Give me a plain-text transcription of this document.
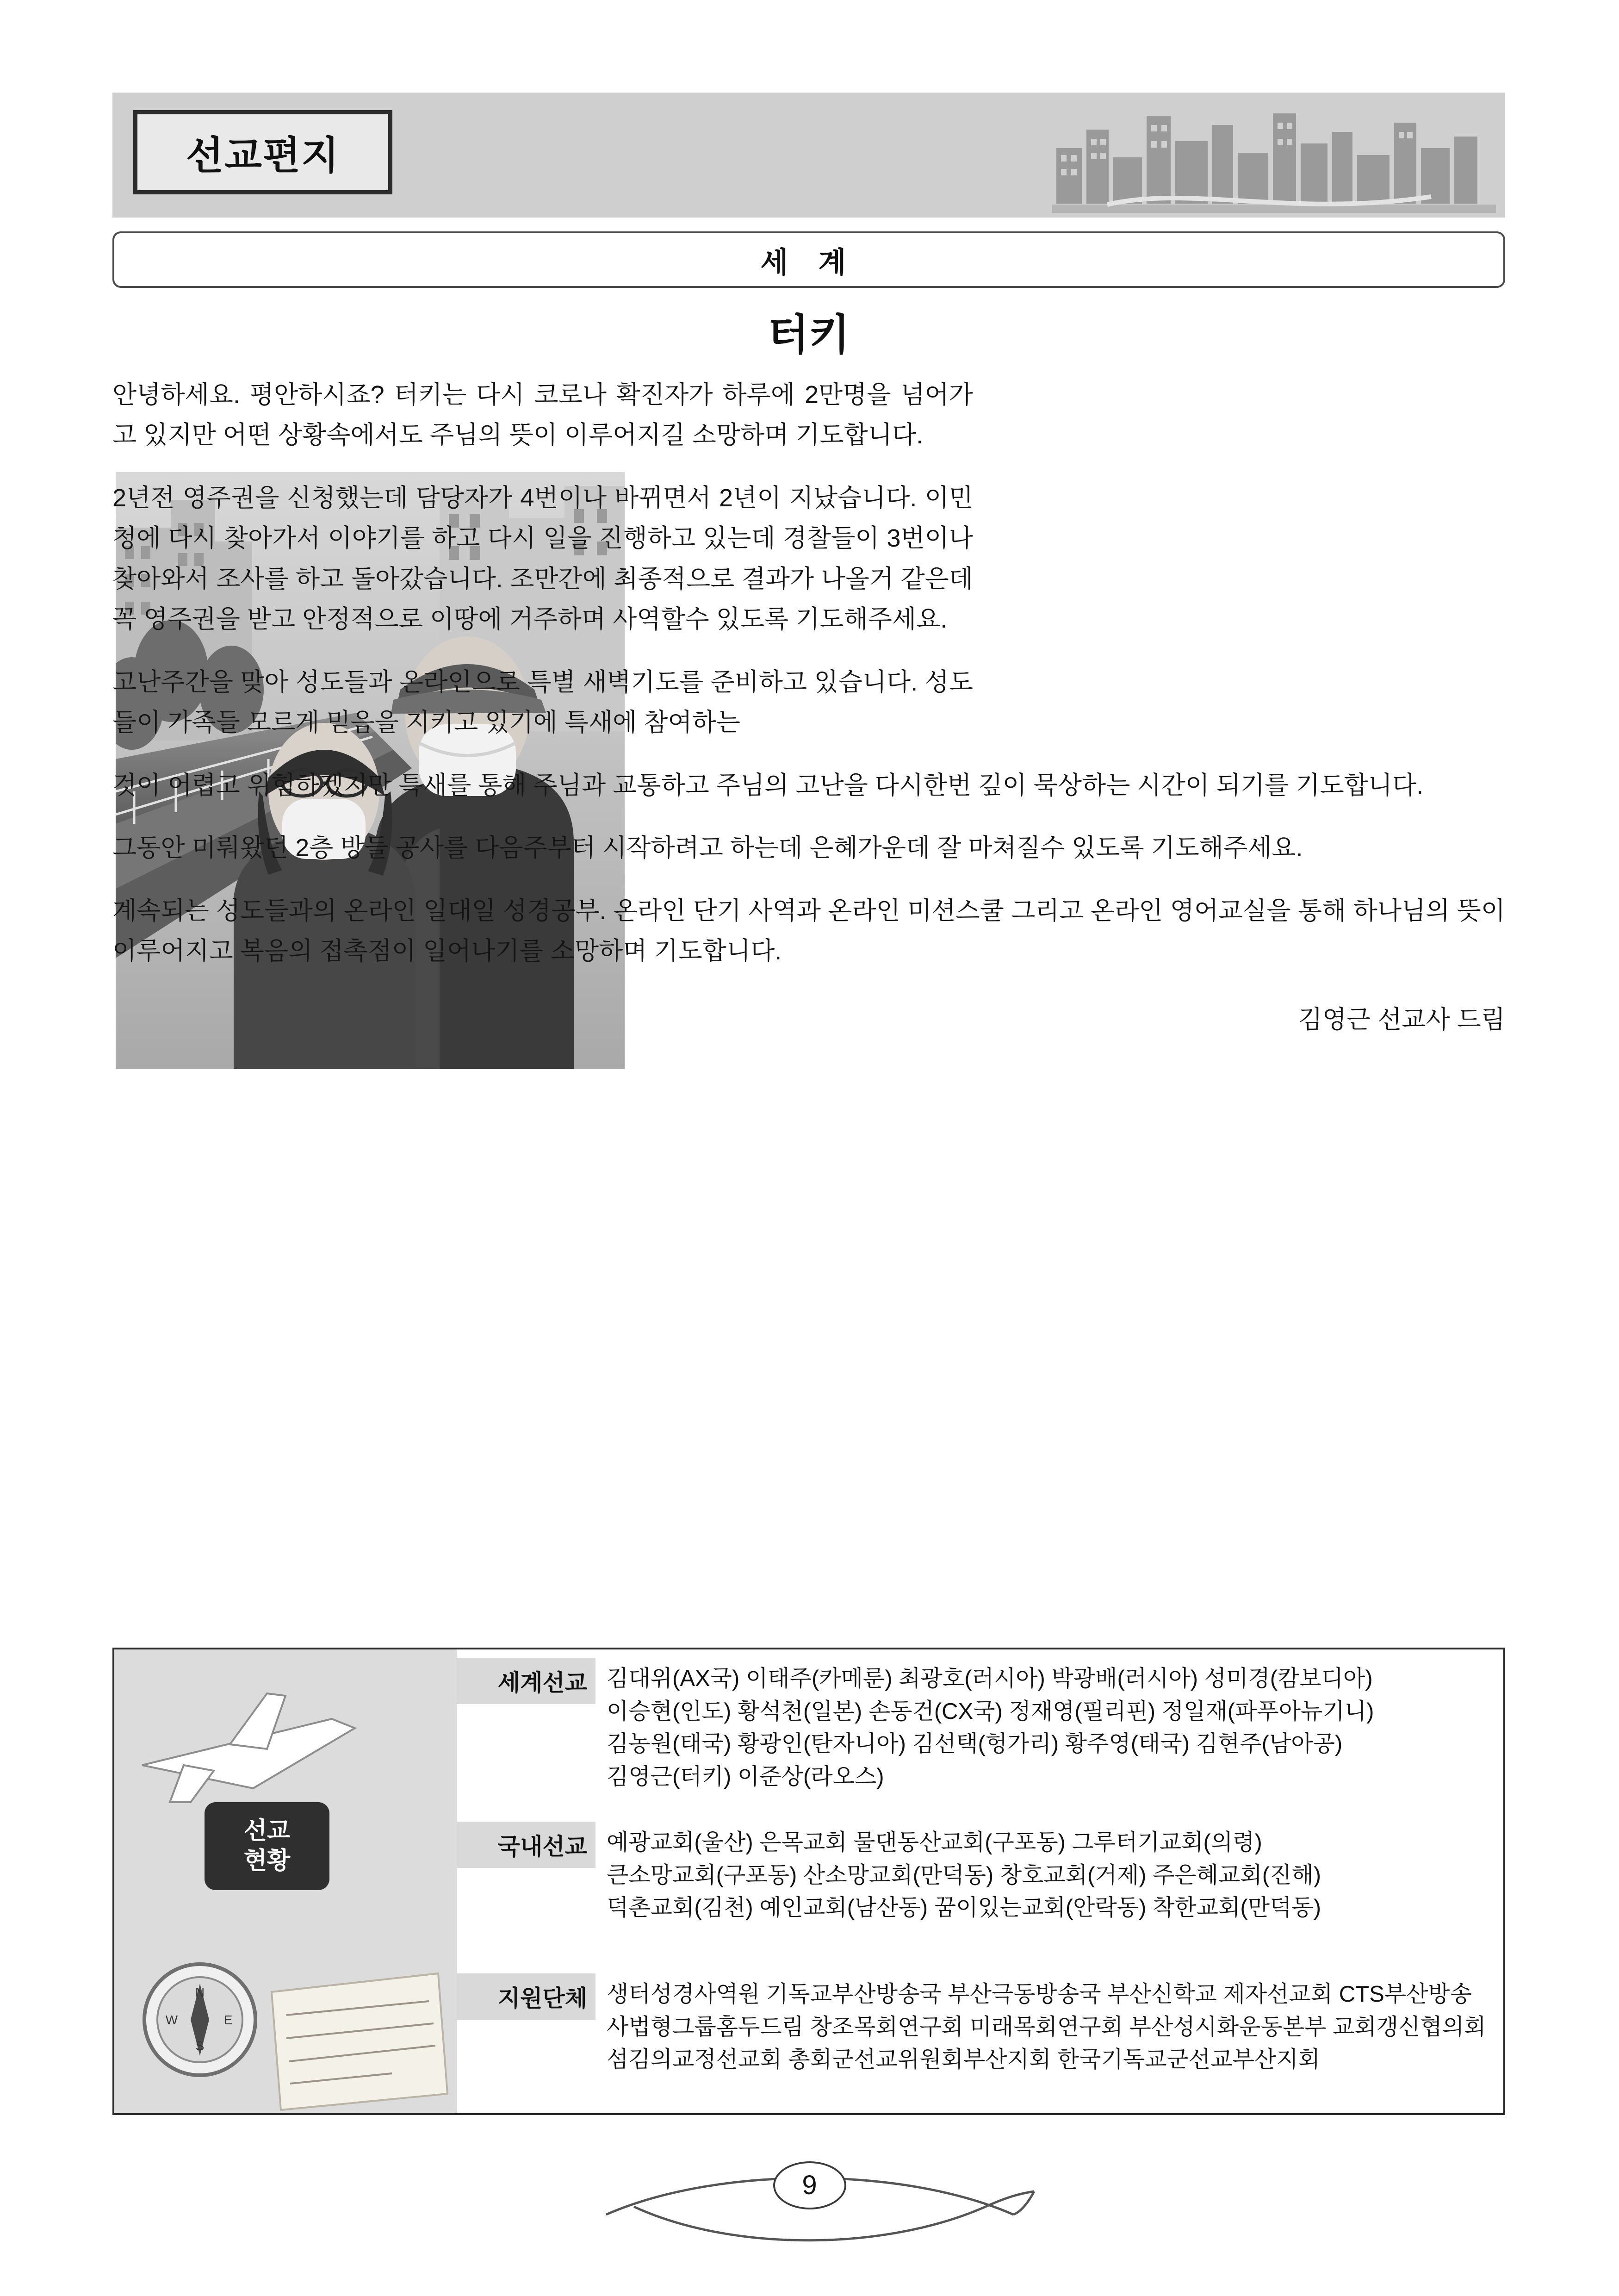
선교편지
세 계
터키

안녕하세요. 평안하시죠? 터키는 다시 코로나 확진자가 하루에 2만명을 넘어가고 있지만 어떤 상황속에서도 주님의 뜻이 이루어지길 소망하며 기도합니다.

2년전 영주권을 신청했는데 담당자가 4번이나 바뀌면서 2년이 지났습니다. 이민청에 다시 찾아가서 이야기를 하고 다시 일을 진행하고 있는데 경찰들이 3번이나 찾아와서 조사를 하고 돌아갔습니다. 조만간에 최종적으로 결과가 나올거 같은데 꼭 영주권을 받고 안정적으로 이땅에 거주하며 사역할수 있도록 기도해주세요.

고난주간을 맞아 성도들과 온라인으로 특별 새벽기도를 준비하고 있습니다. 성도들이 가족들 모르게 믿음을 지키고 있기에 특새에 참여하는

것이 어렵고 위험하겠지만 특새를 통해 주님과 교통하고 주님의 고난을 다시한번 깊이 묵상하는 시간이 되기를 기도합니다.

그동안 미뤄왔던 2층 방들 공사를 다음주부터 시작하려고 하는데 은혜가운데 잘 마쳐질수 있도록 기도해주세요.

계속되는 성도들과의 온라인 일대일 성경공부. 온라인 단기 사역과 온라인 미션스쿨 그리고 온라인 영어교실을 통해 하나님의 뜻이 이루어지고 복음의 접촉점이 일어나기를 소망하며 기도합니다.

김영근 선교사 드림
N
S
W	E
선교
현황
세계선교 김대위(AX국) 이태주(카메룬) 최광호(러시아) 박광배(러시아) 성미경(캄보디아)
이승현(인도) 황석천(일본) 손동건(CX국) 정재영(필리핀) 정일재(파푸아뉴기니)
김농원(태국) 황광인(탄자니아) 김선택(헝가리) 황주영(태국) 김현주(남아공)
김영근(터키) 이준상(라오스)
국내선교 예광교회(울산) 은목교회 물댄동산교회(구포동) 그루터기교회(의령)
큰소망교회(구포동) 산소망교회(만덕동) 창호교회(거제) 주은혜교회(진해)
덕촌교회(김천) 예인교회(남산동) 꿈이있는교회(안락동) 착한교회(만덕동)
지원단체 생터성경사역원 기독교부산방송국 부산극동방송국 부산신학교 제자선교회 CTS부산방송
사법형그룹홈두드림 창조목회연구회 미래목회연구회 부산성시화운동본부 교회갱신협의회
섬김의교정선교회 총회군선교위원회부산지회 한국기독교군선교부산지회
9
